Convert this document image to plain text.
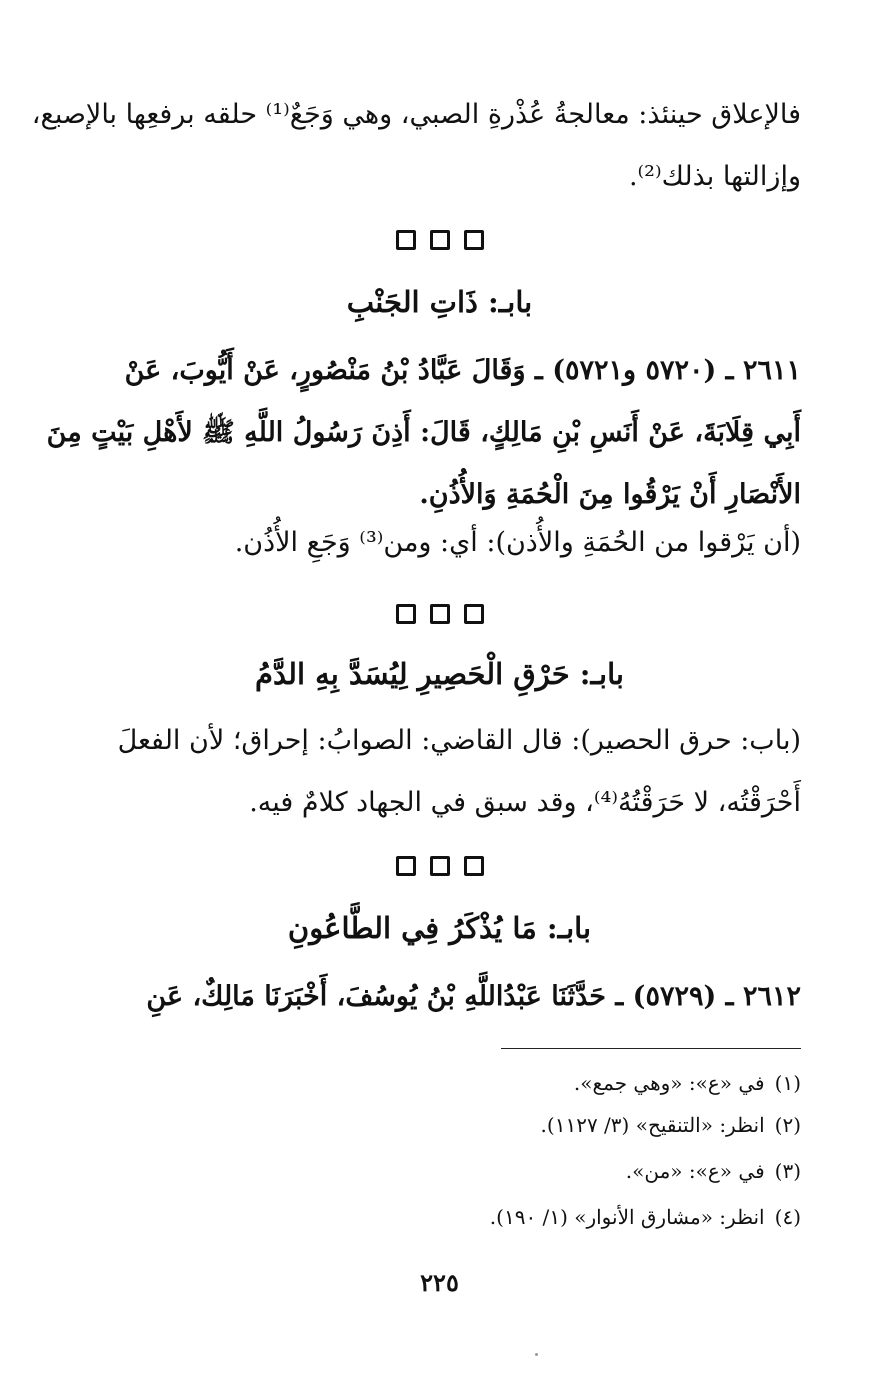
فالإعلاق حينئذ: معالجةُ عُذْرةِ الصبي، وهي وَجَعٌ⁽¹⁾ حلقه برفعِها بالإصبع،
وإزالتها بذلك⁽²⁾.
بابـ: ذَاتِ الجَنْبِ
٢٦١١ ـ (٥٧٢٠ و٥٧٢١) ـ وَقَالَ عَبَّادُ بْنُ مَنْصُورٍ، عَنْ أَيُّوبَ، عَنْ
أَبِي قِلَابَةَ، عَنْ أَنَسِ بْنِ مَالِكٍ، قَالَ: أَذِنَ رَسُولُ اللَّهِ ﷺ لأَهْلِ بَيْتٍ مِنَ
الأَنْصَارِ أَنْ يَرْقُوا مِنَ الْحُمَةِ وَالأُذُنِ.
(أن يَرْقوا من الحُمَةِ والأُذن): أي: ومن⁽³⁾ وَجَعِ الأُذُن.
بابـ: حَرْقِ الْحَصِيرِ لِيُسَدَّ بِهِ الدَّمُ
(باب: حرق الحصير): قال القاضي: الصوابُ: إحراق؛ لأن الفعلَ
أَحْرَقْتُه، لا حَرَقْتُهُ⁽⁴⁾، وقد سبق في الجهاد كلامٌ فيه.
بابـ: مَا يُذْكَرُ فِي الطَّاعُونِ
٢٦١٢ ـ (٥٧٢٩) ـ حَدَّثَنَا عَبْدُاللَّهِ بْنُ يُوسُفَ، أَخْبَرَنَا مَالِكٌ، عَنِ
(١)في «ع»: «وهي جمع».
(٢)انظر: «التنقيح» (٣/ ١١٢٧).
(٣)في «ع»: «من».
(٤)انظر: «مشارق الأنوار» (١/ ١٩٠).
٢٢٥
